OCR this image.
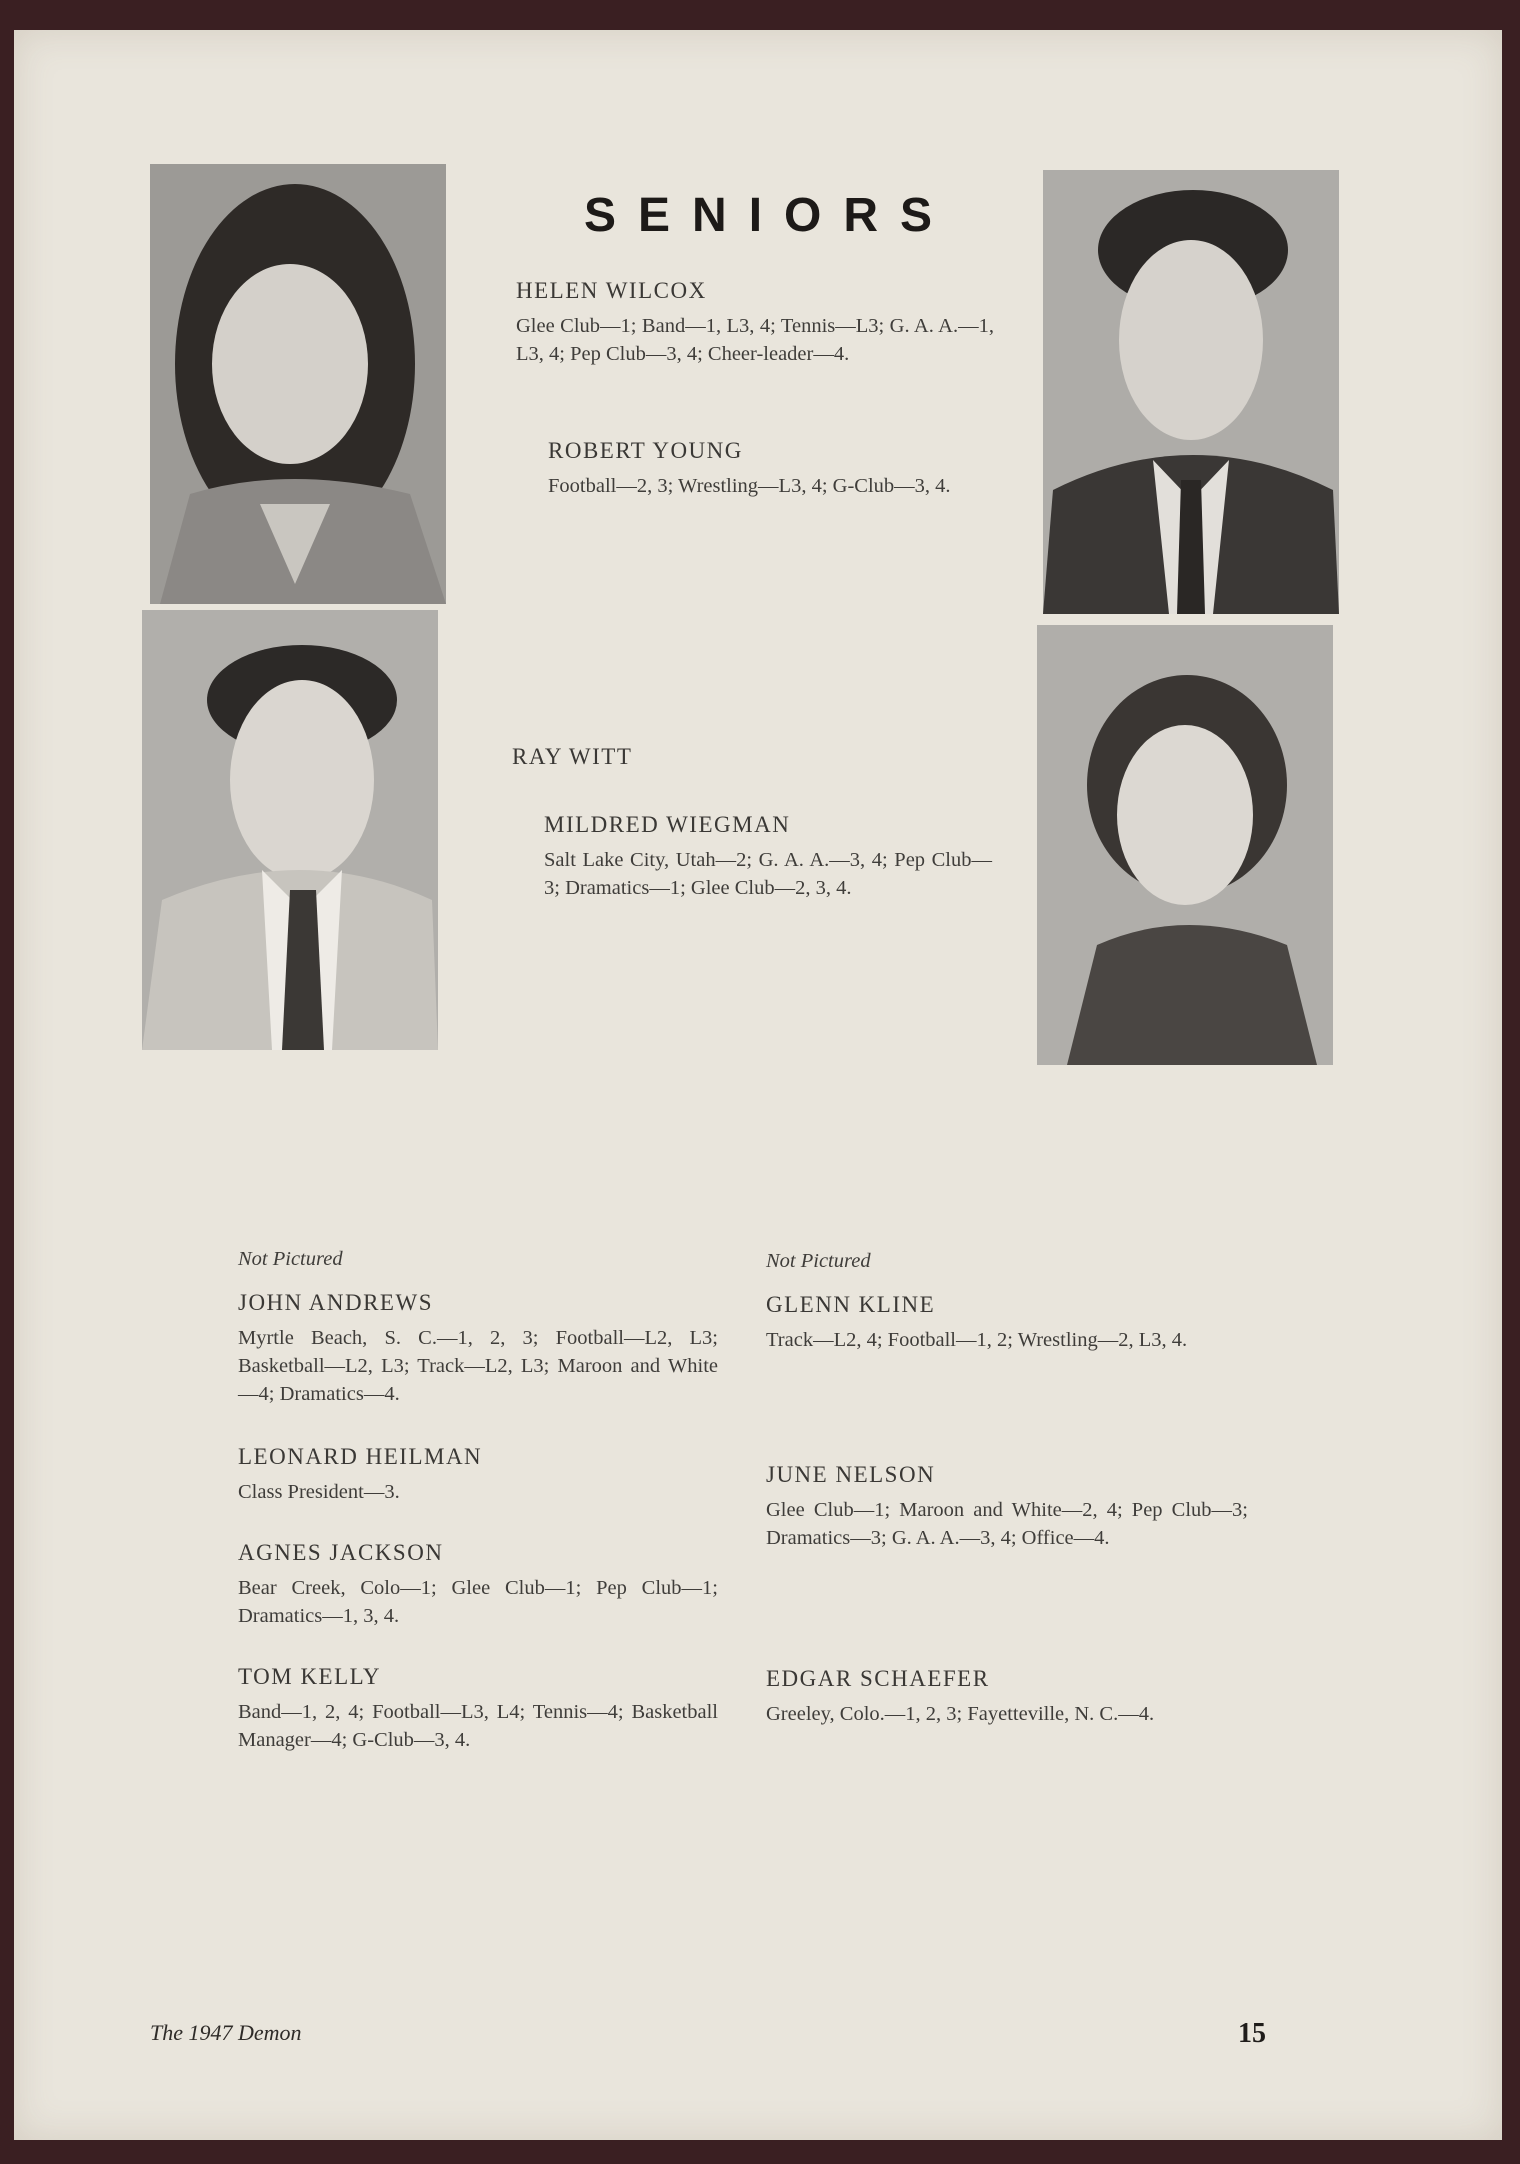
SENIORS
HELEN WILCOX
Glee Club—1; Band—1, L3, 4; Tennis—L3; G. A. A.—1, L3, 4; Pep Club—3, 4; Cheer-leader—4.
ROBERT YOUNG
Football—2, 3; Wrestling—L3, 4; G-Club—3, 4.
RAY WITT
MILDRED WIEGMAN
Salt Lake City, Utah—2; G. A. A.—3, 4; Pep Club—3; Dramatics—1; Glee Club—2, 3, 4.
Not Pictured
JOHN ANDREWS
Myrtle Beach, S. C.—1, 2, 3; Football—L2, L3; Basketball—L2, L3; Track—L2, L3; Maroon and White—4; Dramatics—4.
LEONARD HEILMAN
Class President—3.
AGNES JACKSON
Bear Creek, Colo—1; Glee Club—1; Pep Club—1; Dramatics—1, 3, 4.
TOM KELLY
Band—1, 2, 4; Football—L3, L4; Tennis—4; Basketball Manager—4; G-Club—3, 4.
Not Pictured
GLENN KLINE
Track—L2, 4; Football—1, 2; Wrestling—2, L3, 4.
JUNE NELSON
Glee Club—1; Maroon and White—2, 4; Pep Club—3; Dramatics—3; G. A. A.—3, 4; Office—4.
EDGAR SCHAEFER
Greeley, Colo.—1, 2, 3; Fayetteville, N. C.—4.
The 1947 Demon	15
